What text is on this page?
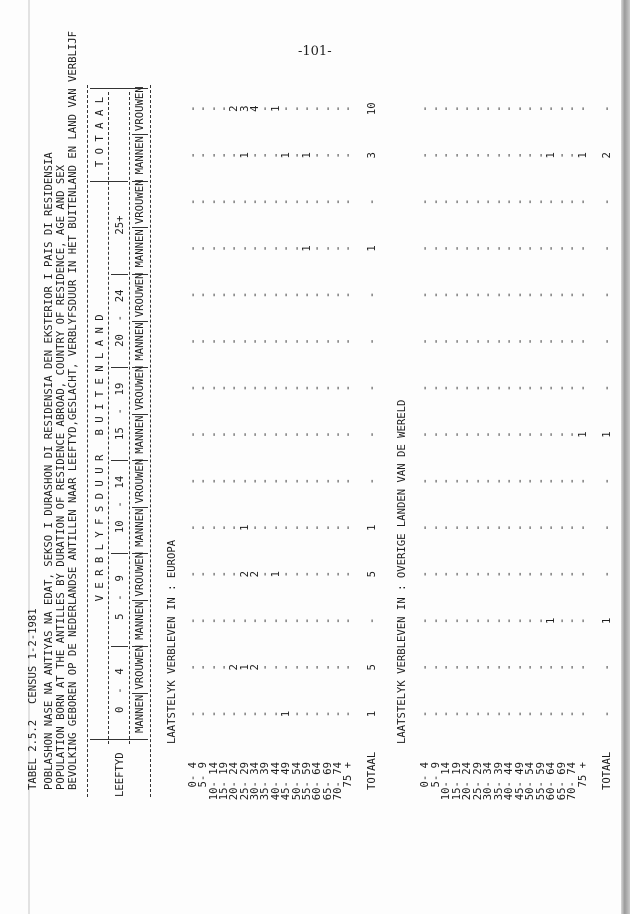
-101-
TABEL 2.5.2
CENSUS 1-2-1981 POBLASHON NASE NA ANTIYAS NA EDAT, SEKSO I DURASHON DI RESIDENSIA DEN EKSTERIOR I PAIS DI RESIDENSIA POPULATION BORN AT THE ANTILLES BY DURATION OF RESIDENCE ABROAD, COUNTRY OF RESIDENCE, AGE AND SEX BEVOLKING GEBOREN OP DE NEDERLANDSE ANTILLEN NAAR LEEFTYD,GESLACHT, VERBLYFSDUUR IN HET BUITENLAND EN LAND VAN VERBLIJF V E R B L Y F S D U U R   B U I T E N L A N D
T O T A A L
LEEFTYD
0  -  4
5  -  9
10  -  14
15  -  19
20  -  24
25+
MANNEN
VROUWEN
MANNEN
VROUWEN
MANNEN
VROUWEN
MANNEN
VROUWEN
MANNEN
VROUWEN
MANNEN
VROUWEN
MANNEN
VROUWEN
LAATSTELYK VERBLEVEN IN : EUROPA
0- 4
-
-
-
-
-
-
-
-
-
-
-
-
-
-
5- 9
-
-
-
-
-
-
-
-
-
-
-
-
-
-
10- 14
-
-
-
-
-
-
-
-
-
-
-
-
-
-
15- 19
-
-
-
-
-
-
-
-
-
-
-
-
-
-
20- 24
-
2
-
-
-
-
-
-
-
-
-
-
-
2
25- 29
-
1
-
2
1
-
-
-
-
-
-
-
1
3
30- 34
-
2
-
2
-
-
-
-
-
-
-
-
-
4
35- 39
-
-
-
-
-
-
-
-
-
-
-
-
-
-
40- 44
-
-
-
1
-
-
-
-
-
-
-
-
-
1
45- 49
1
-
-
-
-
-
-
-
-
-
-
-
1
-
50- 54
-
-
-
-
-
-
-
-
-
-
-
-
-
-
55- 59
-
-
-
-
-
-
-
-
-
-
1
-
1
-
60- 64
-
-
-
-
-
-
-
-
-
-
-
-
-
-
65- 69
-
-
-
-
-
-
-
-
-
-
-
-
-
-
70- 74
-
-
-
-
-
-
-
-
-
-
-
-
-
-
75 +
-
-
-
-
-
-
-
-
-
-
-
-
-
-
TOTAAL
1
5
-
5
1
-
-
-
-
-
1
-
3
10
LAATSTELYK VERBLEVEN IN : OVERIGE LANDEN VAN DE WERELD
0- 4
-
-
-
-
-
-
-
-
-
-
-
-
-
-
5- 9
-
-
-
-
-
-
-
-
-
-
-
-
-
-
10- 14
-
-
-
-
-
-
-
-
-
-
-
-
-
-
15- 19
-
-
-
-
-
-
-
-
-
-
-
-
-
-
20- 24
-
-
-
-
-
-
-
-
-
-
-
-
-
-
25- 29
-
-
-
-
-
-
-
-
-
-
-
-
-
-
30- 34
-
-
-
-
-
-
-
-
-
-
-
-
-
-
35- 39
-
-
-
-
-
-
-
-
-
-
-
-
-
-
40- 44
-
-
-
-
-
-
-
-
-
-
-
-
-
-
45- 49
-
-
-
-
-
-
-
-
-
-
-
-
-
-
50- 54
-
-
-
-
-
-
-
-
-
-
-
-
-
-
55- 59
-
-
-
-
-
-
-
-
-
-
-
-
-
-
60- 64
-
-
1
-
-
-
-
-
-
-
-
-
1
-
65- 69
-
-
-
-
-
-
-
-
-
-
-
-
-
-
70- 74
-
-
-
-
-
-
-
-
-
-
-
-
-
-
75 +
-
-
-
-
-
-
1
-
-
-
-
-
1
-
TOTAAL
-
-
1
-
-
-
1
-
-
-
-
-
2
-
